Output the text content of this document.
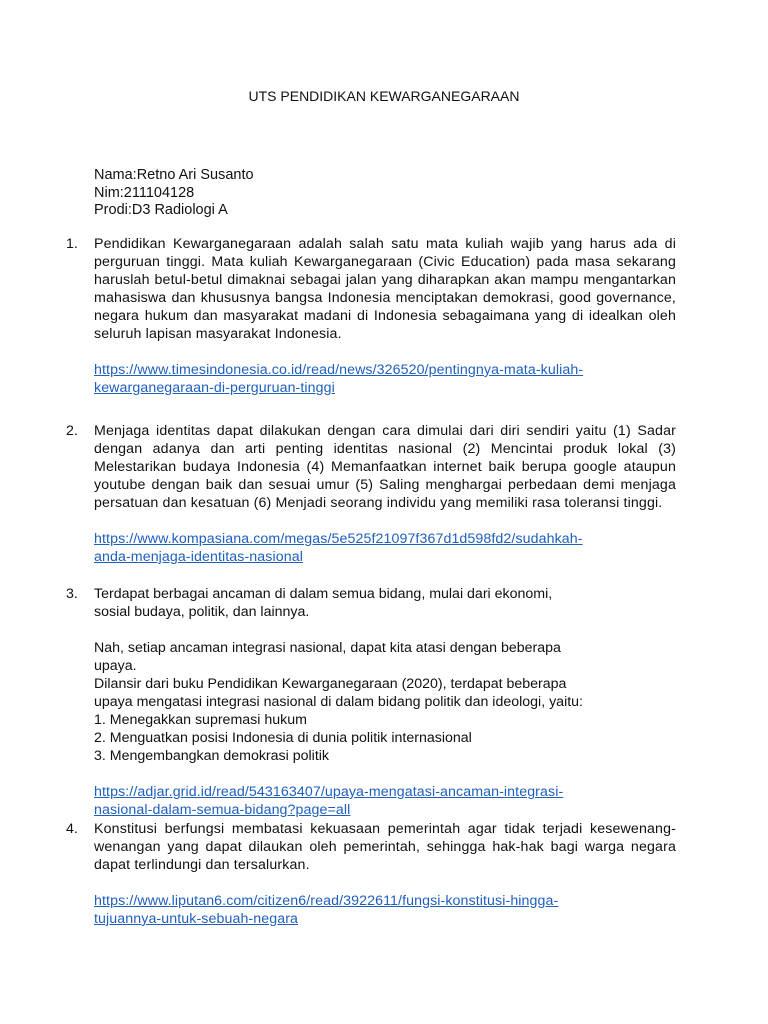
UTS PENDIDIKAN KEWARGANEGARAAN
Nama:Retno Ari Susanto
Nim:211104128
Prodi:D3 Radiologi A
1.	Pendidikan Kewarganegaraan adalah salah satu mata kuliah wajib yang harus ada di perguruan tinggi. Mata kuliah Kewarganegaraan (Civic Education) pada masa sekarang haruslah betul-betul dimaknai sebagai jalan yang diharapkan akan mampu mengantarkan mahasiswa dan khususnya bangsa Indonesia menciptakan demokrasi, good governance, negara hukum dan masyarakat madani di Indonesia sebagaimana yang di idealkan oleh seluruh lapisan masyarakat Indonesia.
https://www.timesindonesia.co.id/read/news/326520/pentingnya-mata-kuliah-
kewarganegaraan-di-perguruan-tinggi
2.	Menjaga identitas dapat dilakukan dengan cara dimulai dari diri sendiri yaitu (1) Sadar dengan adanya dan arti penting identitas nasional (2) Mencintai produk lokal (3) Melestarikan budaya Indonesia (4) Memanfaatkan internet baik berupa google ataupun youtube dengan baik dan sesuai umur (5) Saling menghargai perbedaan demi menjaga persatuan dan kesatuan (6) Menjadi seorang individu yang memiliki rasa toleransi tinggi.
https://www.kompasiana.com/megas/5e525f21097f367d1d598fd2/sudahkah-
anda-menjaga-identitas-nasional
3.	Terdapat berbagai ancaman di dalam semua bidang, mulai dari ekonomi,
sosial budaya, politik, dan lainnya.
Nah, setiap ancaman integrasi nasional, dapat kita atasi dengan beberapa
upaya.
Dilansir dari buku Pendidikan Kewarganegaraan (2020), terdapat beberapa
upaya mengatasi integrasi nasional di dalam bidang politik dan ideologi, yaitu:
1. Menegakkan supremasi hukum
2. Menguatkan posisi Indonesia di dunia politik internasional
3. Mengembangkan demokrasi politik
https://adjar.grid.id/read/543163407/upaya-mengatasi-ancaman-integrasi-
nasional-dalam-semua-bidang?page=all
4.	Konstitusi berfungsi membatasi kekuasaan pemerintah agar tidak terjadi kesewenang-wenangan yang dapat dilaukan oleh pemerintah, sehingga hak-hak bagi warga negara dapat terlindungi dan tersalurkan.
https://www.liputan6.com/citizen6/read/3922611/fungsi-konstitusi-hingga-
tujuannya-untuk-sebuah-negara
